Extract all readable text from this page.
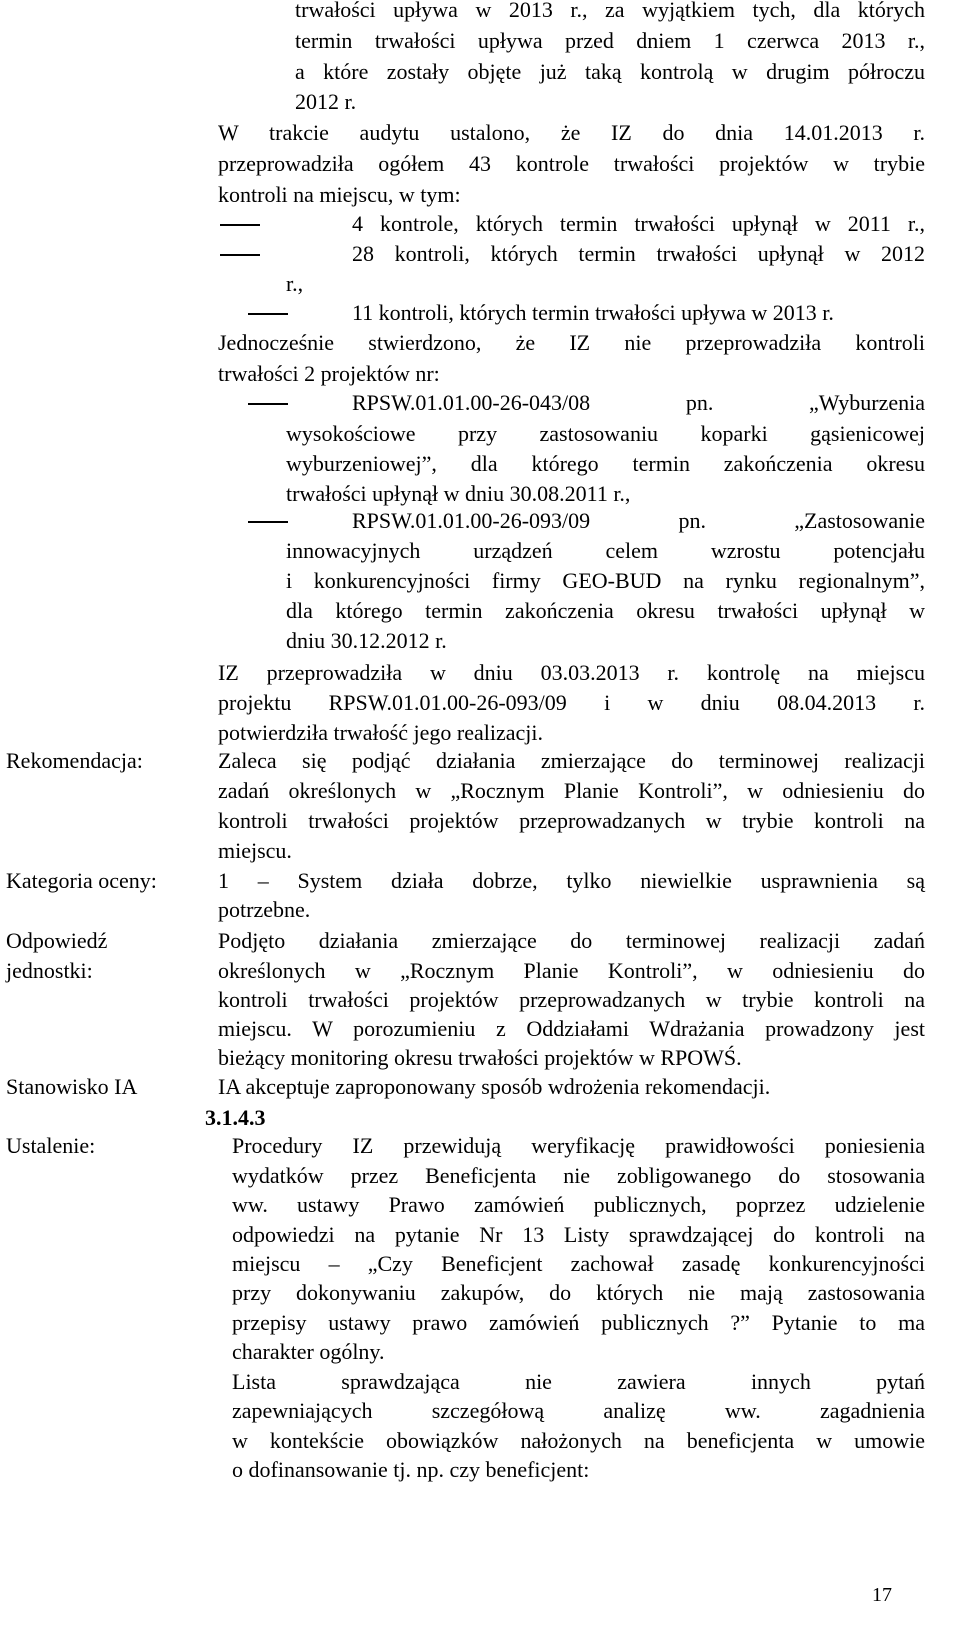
trwałości upływa w 2013 r., za wyjątkiem tych, dla których
termin trwałości upływa przed dniem 1 czerwca 2013 r.,
a które zostały objęte już taką kontrolą w drugim półroczu
2012 r.
W trakcie audytu ustalono, że IZ do dnia 14.01.2013 r.
przeprowadziła ogółem 43 kontrole trwałości projektów w trybie
kontroli na miejscu, w tym:
4 kontrole, których termin trwałości upłynął w 2011 r.,
28 kontroli, których termin trwałości upłynął w 2012
r.,
11 kontroli, których termin trwałości upływa w 2013 r.
Jednocześnie stwierdzono, że IZ nie przeprowadziła kontroli
trwałości 2 projektów nr:
RPSW.01.01.00-26-043/08 pn. „Wyburzenia
wysokościowe przy zastosowaniu koparki gąsienicowej
wyburzeniowej”, dla którego termin zakończenia okresu
trwałości upłynął w dniu 30.08.2011 r.,
RPSW.01.01.00-26-093/09 pn. „Zastosowanie
innowacyjnych urządzeń celem wzrostu potencjału
i konkurencyjności firmy GEO-BUD na rynku regionalnym”,
dla którego termin zakończenia okresu trwałości upłynął w
dniu 30.12.2012 r.
IZ przeprowadziła w dniu 03.03.2013 r. kontrolę na miejscu
projektu RPSW.01.01.00-26-093/09 i w dniu 08.04.2013 r.
potwierdziła trwałość jego realizacji.
Rekomendacja:	Zaleca się podjąć działania zmierzające do terminowej realizacji
zadań określonych w „Rocznym Planie Kontroli”, w odniesieniu do
kontroli trwałości projektów przeprowadzanych w trybie kontroli na
miejscu.
Kategoria oceny:	1 – System działa dobrze, tylko niewielkie usprawnienia są
potrzebne.
Odpowiedź
jednostki:
Podjęto działania zmierzające do terminowej realizacji zadań
określonych w „Rocznym Planie Kontroli”, w odniesieniu do
kontroli trwałości projektów przeprowadzanych w trybie kontroli na
miejscu. W porozumieniu z Oddziałami Wdrażania prowadzony jest
bieżący monitoring okresu trwałości projektów w RPOWŚ.
Stanowisko IA	IA akceptuje zaproponowany sposób wdrożenia rekomendacji.
3.1.4.3
Ustalenie:	Procedury IZ przewidują weryfikację prawidłowości poniesienia
wydatków przez Beneficjenta nie zobligowanego do stosowania
ww. ustawy Prawo zamówień publicznych, poprzez udzielenie
odpowiedzi na pytanie Nr 13 Listy sprawdzającej do kontroli na
miejscu – „Czy Beneficjent zachował zasadę konkurencyjności
przy dokonywaniu zakupów, do których nie mają zastosowania
przepisy ustawy prawo zamówień publicznych ?” Pytanie to ma
charakter ogólny.
Lista sprawdzająca nie zawiera innych pytań
zapewniających szczegółową analizę ww. zagadnienia
w kontekście obowiązków nałożonych na beneficjenta w umowie
o dofinansowanie tj. np. czy beneficjent:
17
